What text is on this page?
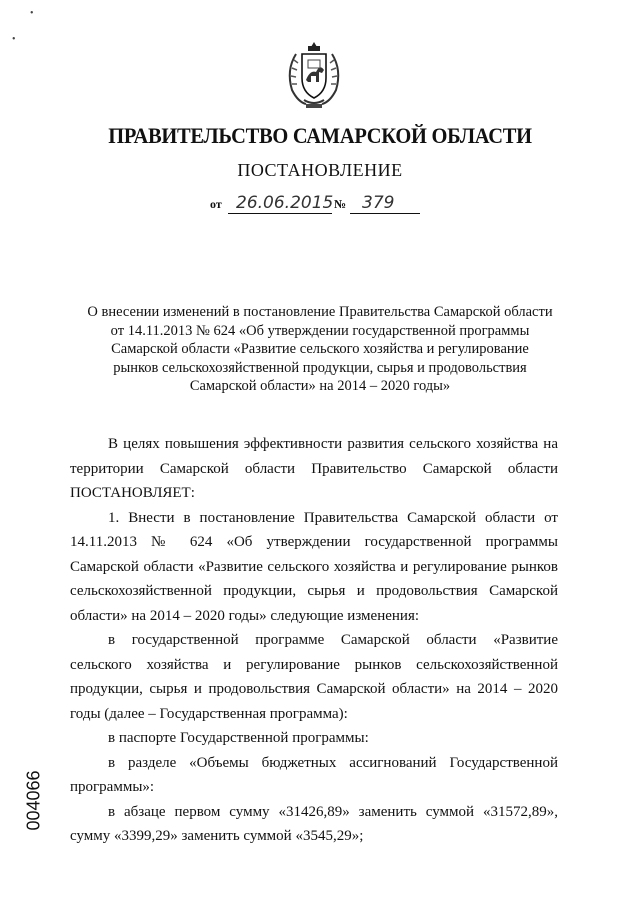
•
•
ПРАВИТЕЛЬСТВО САМАРСКОЙ ОБЛАСТИ
ПОСТАНОВЛЕНИЕ
от 26.06.2015 № 379
О внесении изменений в постановление Правительства Самарской области
от 14.11.2013 № 624 «Об утверждении государственной программы
Самарской области «Развитие сельского хозяйства и регулирование
рынков сельскохозяйственной продукции, сырья и продовольствия
Самарской области» на 2014 – 2020 годы»

В целях повышения эффективности развития сельского хозяйства на территории Самарской области Правительство Самарской области ПОСТАНОВЛЯЕТ:

1. Внести в постановление Правительства Самарской области от 14.11.2013 № 624 «Об утверждении государственной программы Самарской области «Развитие сельского хозяйства и регулирование рынков сельскохозяйственной продукции, сырья и продовольствия Самарской области» на 2014 – 2020 годы» следующие изменения:

в государственной программе Самарской области «Развитие сельского хозяйства и регулирование рынков сельскохозяйственной продукции, сырья и продовольствия Самарской области» на 2014 – 2020 годы (далее – Государственная программа):

в паспорте Государственной программы:

в разделе «Объемы бюджетных ассигнований Государственной программы»:

в абзаце первом сумму «31426,89» заменить суммой «31572,89», сумму «3399,29» заменить суммой «3545,29»;

004066
